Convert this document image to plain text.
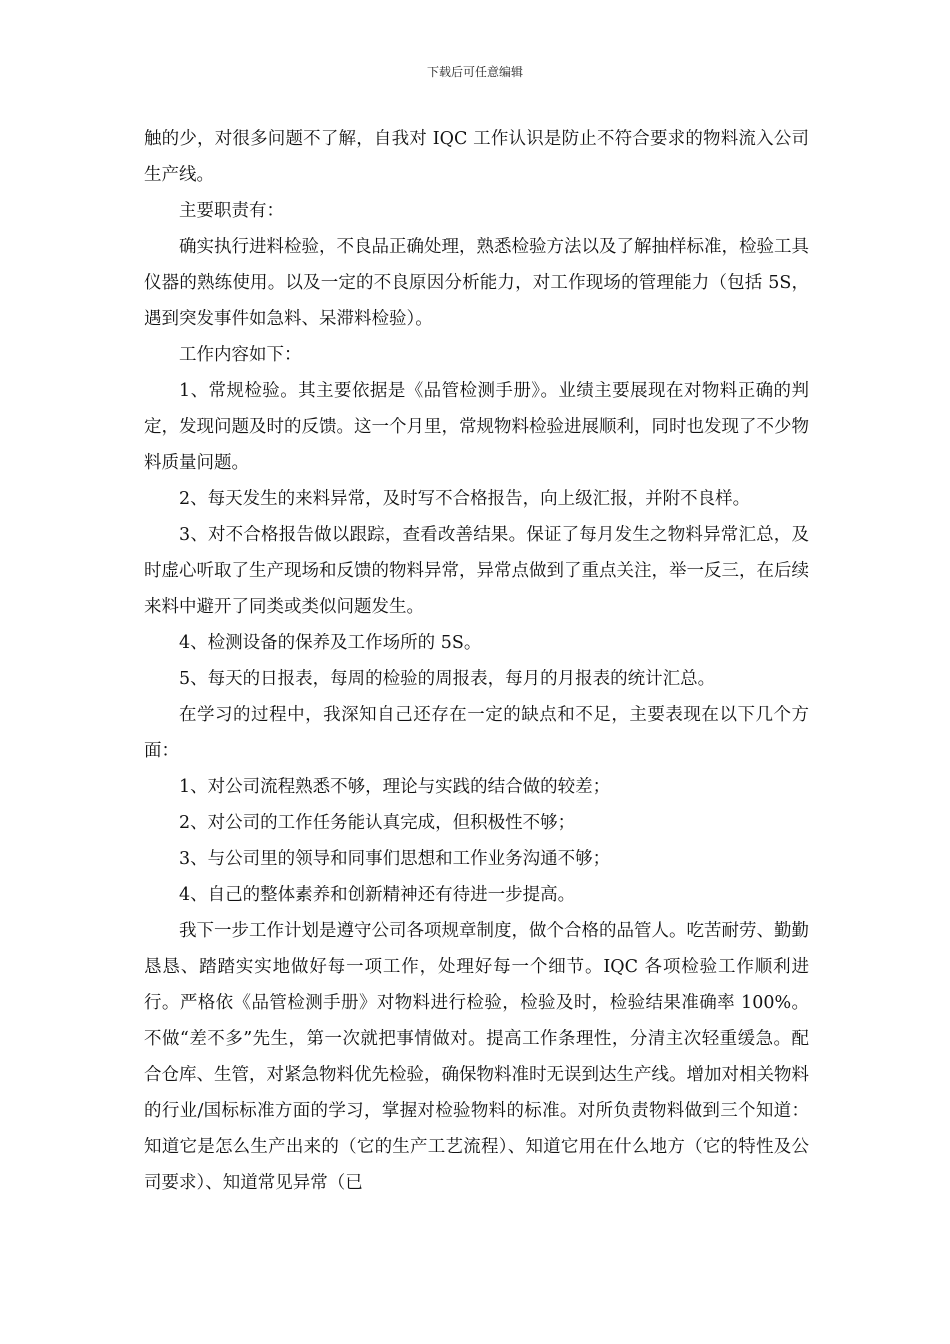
下载后可任意编辑

触的少，对很多问题不了解，自我对 IQC 工作认识是防止不符合要求的物料流入公司生产线。

主要职责有：

确实执行进料检验，不良品正确处理，熟悉检验方法以及了解抽样标准，检验工具仪器的熟练使用。以及一定的不良原因分析能力，对工作现场的管理能力（包括 5S，遇到突发事件如急料、呆滞料检验）。

工作内容如下：

1、常规检验。其主要依据是《品管检测手册》。业绩主要展现在对物料正确的判定，发现问题及时的反馈。这一个月里，常规物料检验进展顺利，同时也发现了不少物料质量问题。

2、每天发生的来料异常，及时写不合格报告，向上级汇报，并附不良样。

3、对不合格报告做以跟踪，查看改善结果。保证了每月发生之物料异常汇总，及时虚心听取了生产现场和反馈的物料异常，异常点做到了重点关注，举一反三，在后续来料中避开了同类或类似问题发生。

4、检测设备的保养及工作场所的 5S。

5、每天的日报表，每周的检验的周报表，每月的月报表的统计汇总。

在学习的过程中，我深知自己还存在一定的缺点和不足，主要表现在以下几个方面：

1、对公司流程熟悉不够，理论与实践的结合做的较差；

2、对公司的工作任务能认真完成，但积极性不够；

3、与公司里的领导和同事们思想和工作业务沟通不够；

4、自己的整体素养和创新精神还有待进一步提高。

我下一步工作计划是遵守公司各项规章制度，做个合格的品管人。吃苦耐劳、勤勤恳恳、踏踏实实地做好每一项工作，处理好每一个细节。IQC 各项检验工作顺利进行。严格依《品管检测手册》对物料进行检验，检验及时，检验结果准确率 100%。不做“差不多”先生，第一次就把事情做对。提高工作条理性，分清主次轻重缓急。配合仓库、生管，对紧急物料优先检验，确保物料准时无误到达生产线。增加对相关物料的行业/国标标准方面的学习，掌握对检验物料的标准。对所负责物料做到三个知道：知道它是怎么生产出来的（它的生产工艺流程）、知道它用在什么地方（它的特性及公司要求）、知道常见异常（已
